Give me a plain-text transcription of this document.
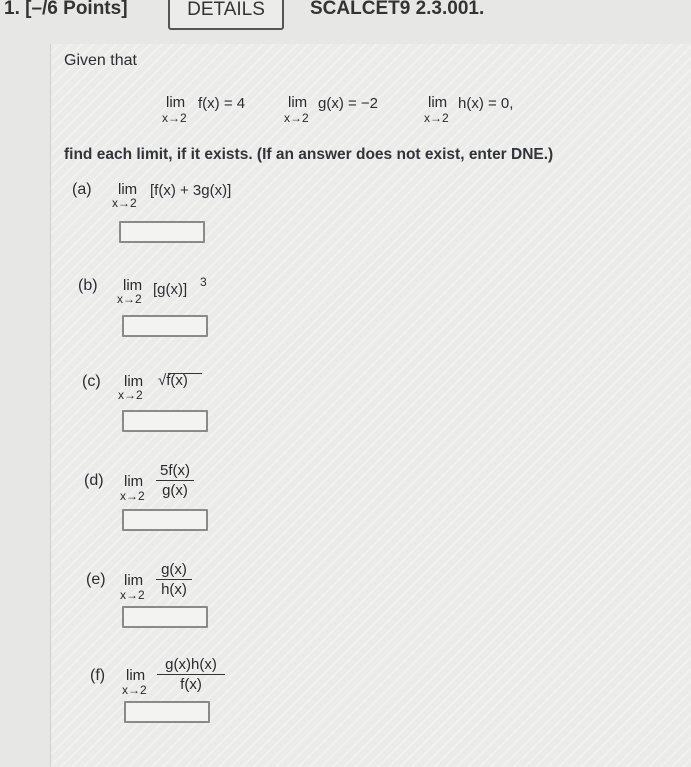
1. [–/6 Points]	DETAILS	SCALCET9 2.3.001.
Given that
lim
x→2
f(x) = 4	lim
x→2
g(x) = −2	lim
x→2
h(x) = 0,
find each limit, if it exists. (If an answer does not exist, enter DNE.)
(a) lim
x→2
[f(x) + 3g(x)]
(b) lim
x→2
[g(x)] 3
(c) lim
x→2
√f(x)
(d) lim
x→2
5f(x)
g(x)
(e) lim
x→2
g(x)
h(x)
(f) lim
x→2
g(x)h(x)
f(x)
